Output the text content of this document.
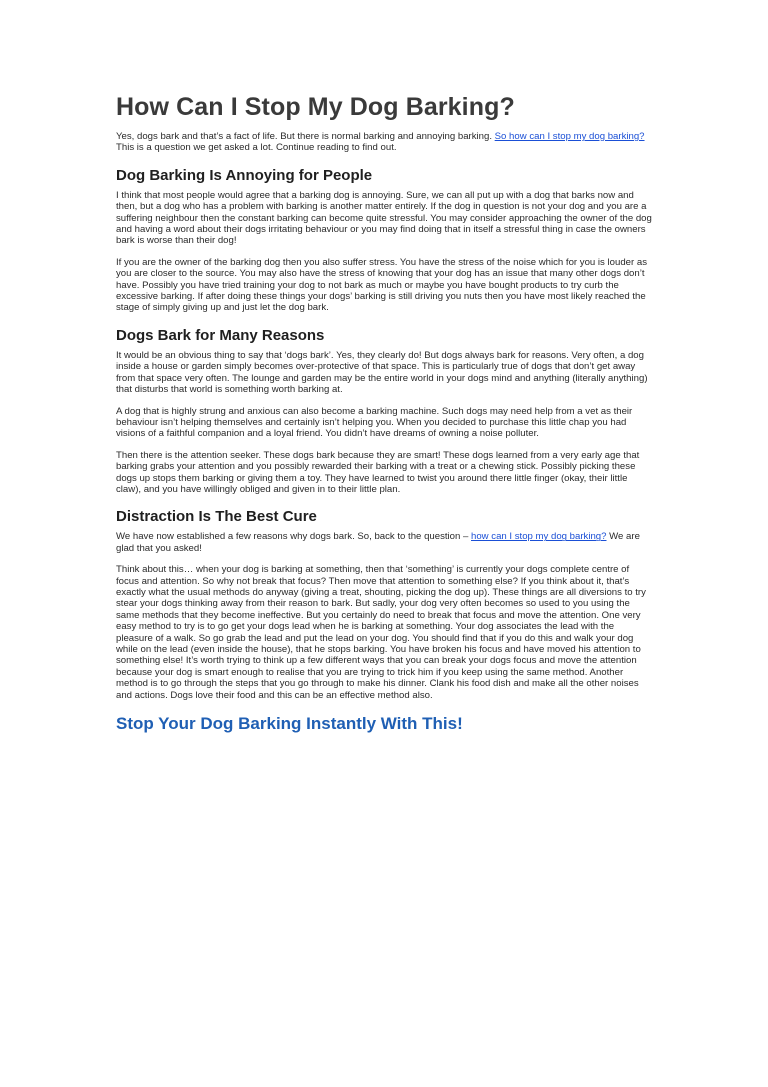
How Can I Stop My Dog Barking?

Yes, dogs bark and that’s a fact of life. But there is normal barking and annoying barking. So how can I stop my dog barking? This is a question we get asked a lot. Continue reading to find out.

Dog Barking Is Annoying for People

I think that most people would agree that a barking dog is annoying. Sure, we can all put up with a dog that barks now and then, but a dog who has a problem with barking is another matter entirely. If the dog in question is not your dog and you are a suffering neighbour then the constant barking can become quite stressful. You may consider approaching the owner of the dog and having a word about their dogs irritating behaviour or you may find doing that in itself a stressful thing in case the owners bark is worse than their dog!

If you are the owner of the barking dog then you also suffer stress. You have the stress of the noise which for you is louder as you are closer to the source. You may also have the stress of knowing that your dog has an issue that many other dogs don’t have. Possibly you have tried training your dog to not bark as much or maybe you have bought products to try curb the excessive barking. If after doing these things your dogs’ barking is still driving you nuts then you have most likely reached the stage of simply giving up and just let the dog bark.

Dogs Bark for Many Reasons

It would be an obvious thing to say that ‘dogs bark’. Yes, they clearly do! But dogs always bark for reasons. Very often, a dog inside a house or garden simply becomes over-protective of that space. This is particularly true of dogs that don’t get away from that space very often. The lounge and garden may be the entire world in your dogs mind and anything (literally anything) that disturbs that world is something worth barking at.

A dog that is highly strung and anxious can also become a barking machine. Such dogs may need help from a vet as their behaviour isn’t helping themselves and certainly isn’t helping you. When you decided to purchase this little chap you had visions of a faithful companion and a loyal friend. You didn’t have dreams of owning a noise polluter.

Then there is the attention seeker. These dogs bark because they are smart! These dogs learned from a very early age that barking grabs your attention and you possibly rewarded their barking with a treat or a chewing stick. Possibly picking these dogs up stops them barking or giving them a toy. They have learned to twist you around there little finger (okay, their little claw), and you have willingly obliged and given in to their little plan.

Distraction Is The Best Cure

We have now established a few reasons why dogs bark. So, back to the question – how can I stop my dog barking? We are glad that you asked!

Think about this… when your dog is barking at something, then that ‘something’ is currently your dogs complete centre of focus and attention. So why not break that focus? Then move that attention to something else? If you think about it, that’s exactly what the usual methods do anyway (giving a treat, shouting, picking the dog up). These things are all diversions to try stear your dogs thinking away from their reason to bark. But sadly, your dog very often becomes so used to you using the same methods that they become ineffective. But you certainly do need to break that focus and move the attention. One very easy method to try is to go get your dogs lead when he is barking at something. Your dog associates the lead with the pleasure of a walk. So go grab the lead and put the lead on your dog. You should find that if you do this and walk your dog while on the lead (even inside the house), that he stops barking. You have broken his focus and have moved his attention to something else! It’s worth trying to think up a few different ways that you can break your dogs focus and move the attention because your dog is smart enough to realise that you are trying to trick him if you keep using the same method. Another method is to go through the steps that you go through to make his dinner. Clank his food dish and make all the other noises and actions. Dogs love their food and this can be an effective method also.

Stop Your Dog Barking Instantly With This!
